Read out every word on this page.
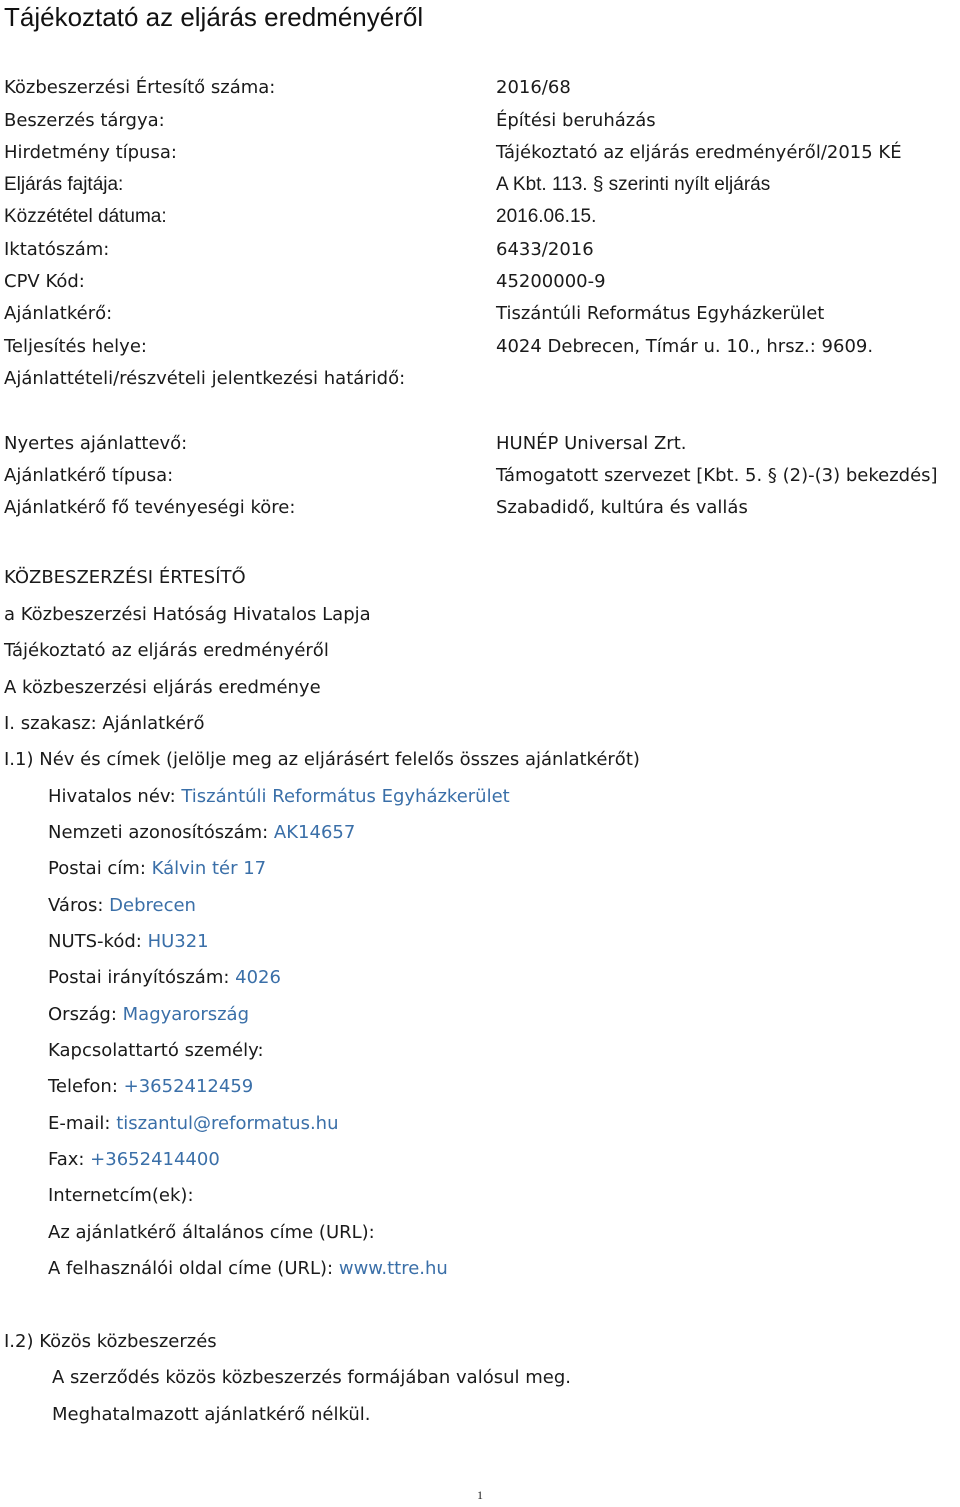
Tájékoztató az eljárás eredményéről
Közbeszerzési Értesítő száma:	2016/68
Beszerzés tárgya:	Építési beruházás
Hirdetmény típusa:	Tájékoztató az eljárás eredményéről/2015 KÉ
Eljárás fajtája:	A Kbt. 113. § szerinti nyílt eljárás
Közzététel dátuma:	2016.06.15.
Iktatószám:	6433/2016
CPV Kód:	45200000-9
Ajánlatkérő:	Tiszántúli Református Egyházkerület
Teljesítés helye:	4024 Debrecen, Tímár u. 10., hrsz.: 9609.
Ajánlattételi/részvételi jelentkezési határidő:
Nyertes ajánlattevő:	HUNÉP Universal Zrt.
Ajánlatkérő típusa:	Támogatott szervezet [Kbt. 5. § (2)-(3) bekezdés]
Ajánlatkérő fő tevényeségi köre:	Szabadidő, kultúra és vallás
KÖZBESZERZÉSI ÉRTESÍTŐ
a Közbeszerzési Hatóság Hivatalos Lapja
Tájékoztató az eljárás eredményéről
A közbeszerzési eljárás eredménye
I. szakasz: Ajánlatkérő
I.1) Név és címek (jelölje meg az eljárásért felelős összes ajánlatkérőt)
Hivatalos név: Tiszántúli Református Egyházkerület
Nemzeti azonosítószám: AK14657
Postai cím: Kálvin tér 17
Város: Debrecen
NUTS-kód: HU321
Postai irányítószám: 4026
Ország: Magyarország
Kapcsolattartó személy:
Telefon: +3652412459
E-mail: tiszantul@reformatus.hu
Fax: +3652414400
Internetcím(ek):
Az ajánlatkérő általános címe (URL):
A felhasználói oldal címe (URL): www.ttre.hu
I.2) Közös közbeszerzés
A szerződés közös közbeszerzés formájában valósul meg.
Meghatalmazott ajánlatkérő nélkül.
1
